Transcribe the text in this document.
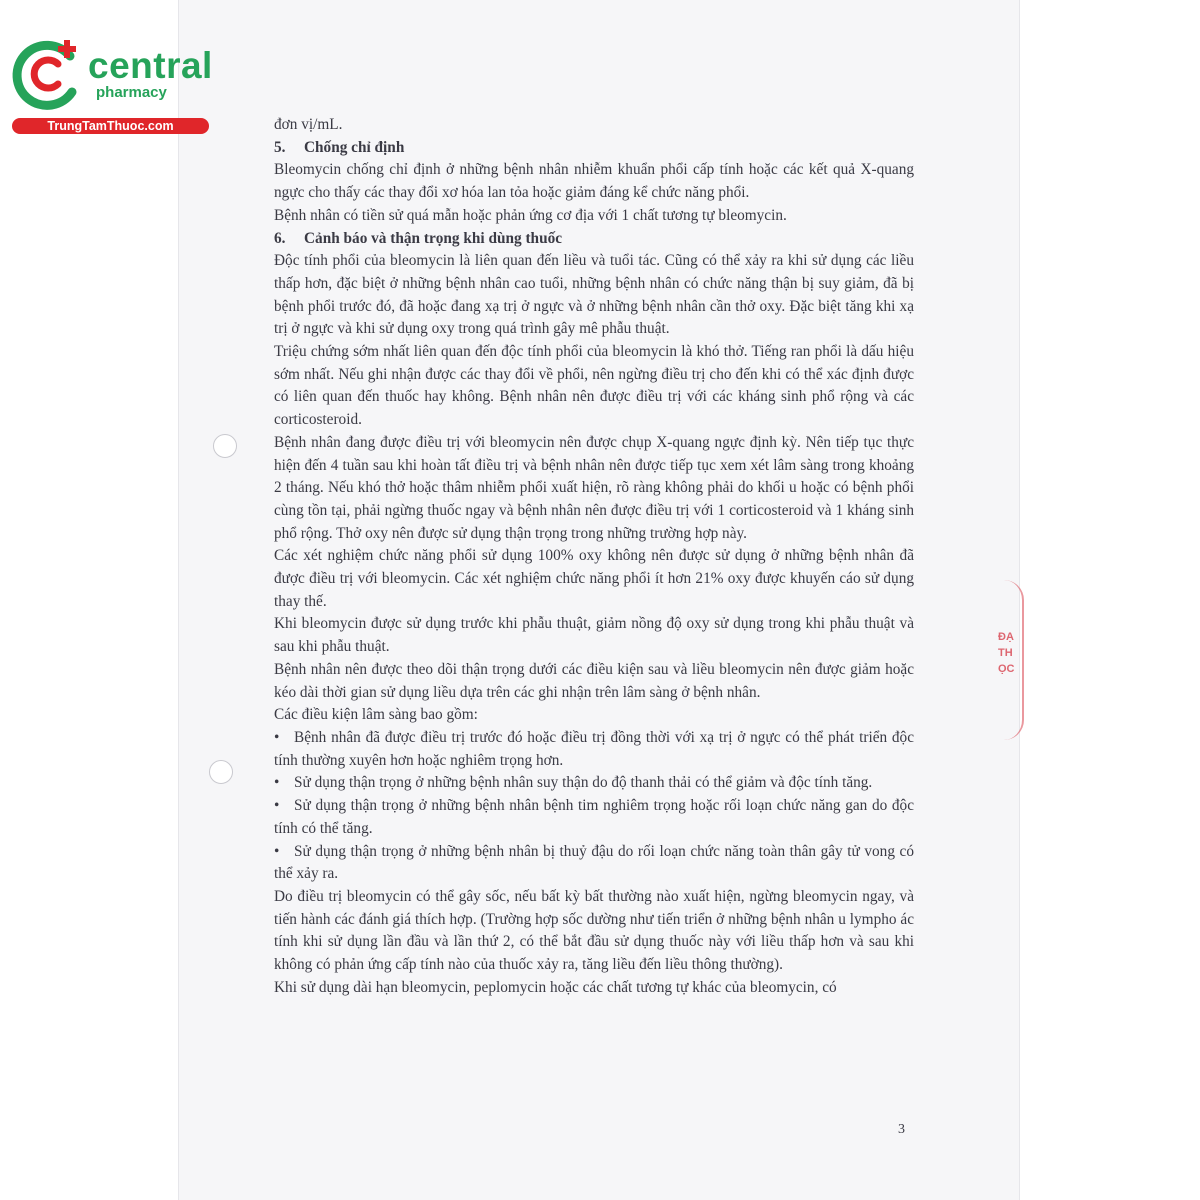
central
pharmacy
TrungTamThuoc.com	đơn vị/mL.

5. Chống chỉ định

Bleomycin chống chỉ định ở những bệnh nhân nhiễm khuẩn phổi cấp tính hoặc các kết quả X-quang ngực cho thấy các thay đổi xơ hóa lan tỏa hoặc giảm đáng kể chức năng phổi.

Bệnh nhân có tiền sử quá mẫn hoặc phản ứng cơ địa với 1 chất tương tự bleomycin.

6. Cảnh báo và thận trọng khi dùng thuốc

Độc tính phổi của bleomycin là liên quan đến liều và tuổi tác. Cũng có thể xảy ra khi sử dụng các liều thấp hơn, đặc biệt ở những bệnh nhân cao tuổi, những bệnh nhân có chức năng thận bị suy giảm, đã bị bệnh phổi trước đó, đã hoặc đang xạ trị ở ngực và ở những bệnh nhân cần thở oxy. Đặc biệt tăng khi xạ trị ở ngực và khi sử dụng oxy trong quá trình gây mê phẫu thuật.

Triệu chứng sớm nhất liên quan đến độc tính phổi của bleomycin là khó thở. Tiếng ran phổi là dấu hiệu sớm nhất. Nếu ghi nhận được các thay đổi về phổi, nên ngừng điều trị cho đến khi có thể xác định được có liên quan đến thuốc hay không. Bệnh nhân nên được điều trị với các kháng sinh phổ rộng và các corticosteroid.

Bệnh nhân đang được điều trị với bleomycin nên được chụp X-quang ngực định kỳ. Nên tiếp tục thực hiện đến 4 tuần sau khi hoàn tất điều trị và bệnh nhân nên được tiếp tục xem xét lâm sàng trong khoảng 2 tháng. Nếu khó thở hoặc thâm nhiễm phổi xuất hiện, rõ ràng không phải do khối u hoặc có bệnh phổi cùng tồn tại, phải ngừng thuốc ngay và bệnh nhân nên được điều trị với 1 corticosteroid và 1 kháng sinh phổ rộng. Thở oxy nên được sử dụng thận trọng trong những trường hợp này.

Các xét nghiệm chức năng phổi sử dụng 100% oxy không nên được sử dụng ở những bệnh nhân đã được điều trị với bleomycin. Các xét nghiệm chức năng phổi ít hơn 21% oxy được khuyến cáo sử dụng thay thế.

Khi bleomycin được sử dụng trước khi phẫu thuật, giảm nồng độ oxy sử dụng trong khi phẫu thuật và sau khi phẫu thuật.

Bệnh nhân nên được theo dõi thận trọng dưới các điều kiện sau và liều bleomycin nên được giảm hoặc kéo dài thời gian sử dụng liều dựa trên các ghi nhận trên lâm sàng ở bệnh nhân.

Các điều kiện lâm sàng bao gồm:

• Bệnh nhân đã được điều trị trước đó hoặc điều trị đồng thời với xạ trị ở ngực có thể phát triển độc tính thường xuyên hơn hoặc nghiêm trọng hơn.

• Sử dụng thận trọng ở những bệnh nhân suy thận do độ thanh thải có thể giảm và độc tính tăng.

• Sử dụng thận trọng ở những bệnh nhân bệnh tim nghiêm trọng hoặc rối loạn chức năng gan do độc tính có thể tăng.

• Sử dụng thận trọng ở những bệnh nhân bị thuỷ đậu do rối loạn chức năng toàn thân gây tử vong có thể xảy ra.

Do điều trị bleomycin có thể gây sốc, nếu bất kỳ bất thường nào xuất hiện, ngừng bleomycin ngay, và tiến hành các đánh giá thích hợp. (Trường hợp sốc dường như tiến triển ở những bệnh nhân u lympho ác tính khi sử dụng lần đầu và lần thứ 2, có thể bắt đầu sử dụng thuốc này với liều thấp hơn và sau khi không có phản ứng cấp tính nào của thuốc xảy ra, tăng liều đến liều thông thường).

Khi sử dụng dài hạn bleomycin, peplomycin hoặc các chất tương tự khác của bleomycin, có

3
ĐẠ
TH
ỌC
